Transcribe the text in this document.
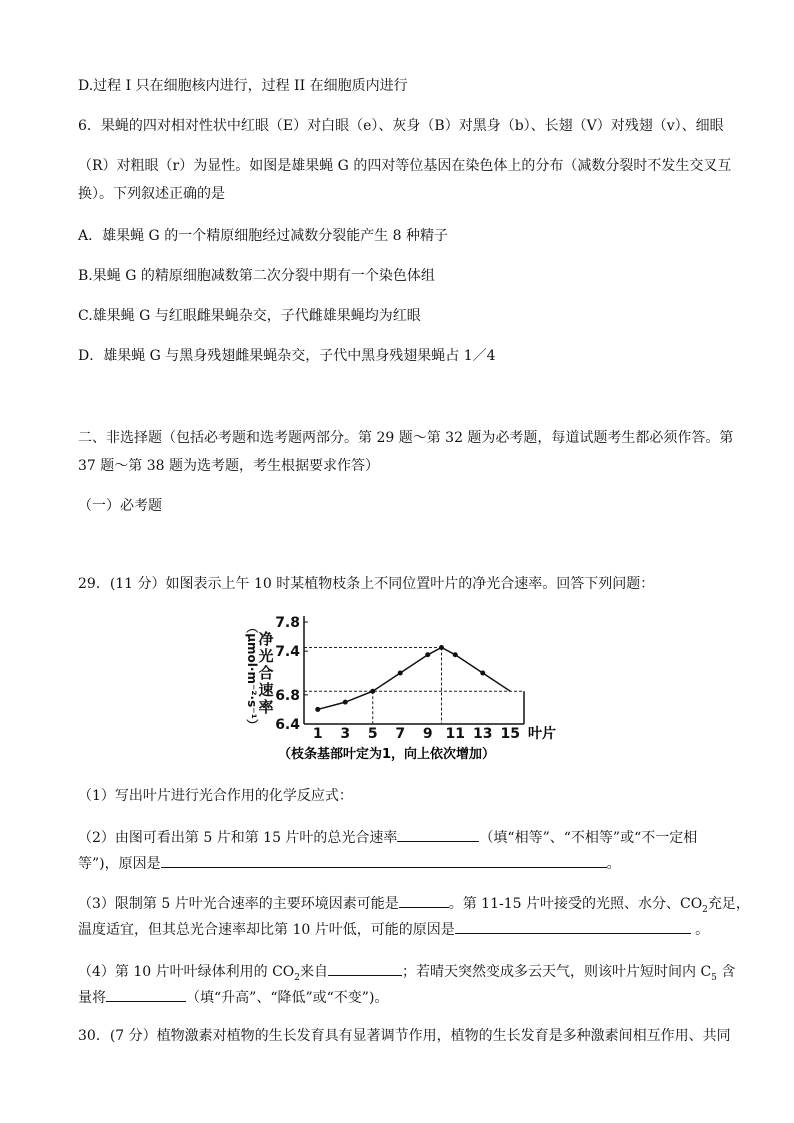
D.过程 I 只在细胞核内进行，过程 II 在细胞质内进行
6．果蝇的四对相对性状中红眼（E）对白眼（e）、灰身（B）对黑身（b）、长翅（V）对残翅（v）、细眼
（R）对粗眼（r）为显性。如图是雄果蝇 G 的四对等位基因在染色体上的分布（减数分裂时不发生交叉互
换）。下列叙述正确的是
A．雄果蝇 G 的一个精原细胞经过减数分裂能产生 8 种精子
B.果蝇 G 的精原细胞减数第二次分裂中期有一个染色体组
C.雄果蝇 G 与红眼雌果蝇杂交，子代雌雄果蝇均为红眼
D．雄果蝇 G 与黑身残翅雌果蝇杂交，子代中黑身残翅果蝇占 1／4
二、非选择题（包括必考题和选考题两部分。第 29 题～第 32 题为必考题，每道试题考生都必须作答。第
37 题～第 38 题为选考题，考生根据要求作答）
（一）必考题
29．(11 分）如图表示上午 10 时某植物枝条上不同位置叶片的净光合速率。回答下列问题：
6.4
6.8
7.4
7.8
1 3 5 7 9 11 13 15
净
光
合
速
率
（μmol·m⁻²·s⁻¹）
叶片
（枝条基部叶定为1，向上依次增加）
（1）写出叶片进行光合作用的化学反应式：
（2）由图可看出第 5 片和第 15 片叶的总光合速率	（填“相等”、“不相等”或“不一定相
等”)，原因是	。
（3）限制第 5 片叶光合速率的主要环境因素可能是	。第 11-15 片叶接受的光照、水分、$CO_2$充足，
温度适宜，但其总光合速率却比第 10 片叶低，可能的原因是	。
（4）第 10 片叶叶绿体利用的 $CO_2$来自	；若晴天突然变成多云天气，则该叶片短时间内 $C_5$ 含
量将	（填“升高”、“降低”或“不变”)。
30．(7 分）植物激素对植物的生长发育具有显著调节作用，植物的生长发育是多种激素间相互作用、共同
